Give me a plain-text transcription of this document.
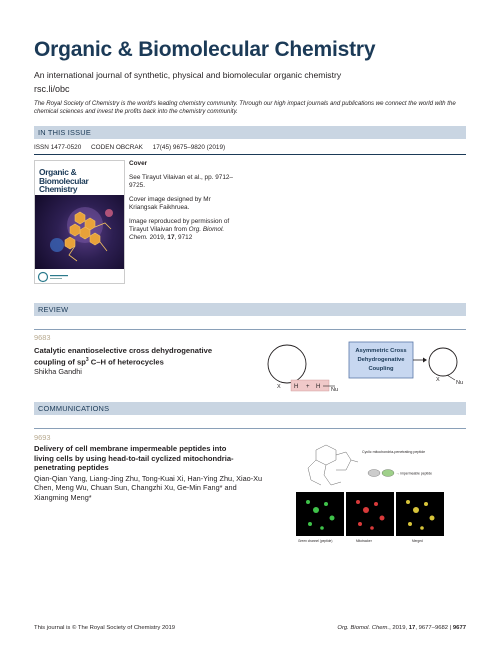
Organic & Biomolecular Chemistry
An international journal of synthetic, physical and biomolecular organic chemistry
rsc.li/obc
The Royal Society of Chemistry is the world's leading chemistry community. Through our high impact journals and publications we connect the world with the chemical sciences and invest the profits back into the chemistry community.
IN THIS ISSUE
ISSN 1477-0520 CODEN OBCRAK 17(45) 9675–9820 (2019)
Organic & Biomolecular Chemistry

Cover

See Tirayut Vilaivan et al., pp. 9712–9725.

Cover image designed by Mr Kriangsak Faikhruea.

Image reproduced by permission of Tirayut Vilaivan from Org. Biomol. Chem. 2019, 17, 9712

REVIEW
9683
Catalytic enantioselective cross dehydrogenative coupling of $sp^3$ C–H of heterocycles
Shikha Gandhi
X H + H Nu
Asymmetric Cross
Dehydrogenative
Coupling
X	Nu
COMMUNICATIONS
9693
Delivery of cell membrane impermeable peptides into living cells by using head-to-tail cyclized mitochondria-penetrating peptides
Qian-Qian Yang, Liang-Jing Zhu, Tong-Kuai Xi, Han-Ying Zhu, Xiao-Xu Chen, Meng Wu, Chuan Sun, Changzhi Xu, Ge-Min Fang* and Xiangming Meng*
Cyclic mitochondria-penetrating peptide
→ impermeable peptide
Green channel (peptide)	Mitotracker	Merged
This journal is © The Royal Society of Chemistry 2019	Org. Biomol. Chem., 2019, 17, 9677–9682 | 9677
